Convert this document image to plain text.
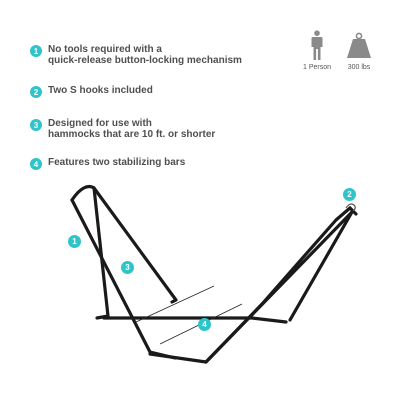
1 No tools required with a
quick-release button-locking mechanism
2 Two S hooks included
3 Designed for use with
hammocks that are 10 ft. or shorter
4 Features two stabilizing bars
1 Person 300 lbs
1
2
3
4
